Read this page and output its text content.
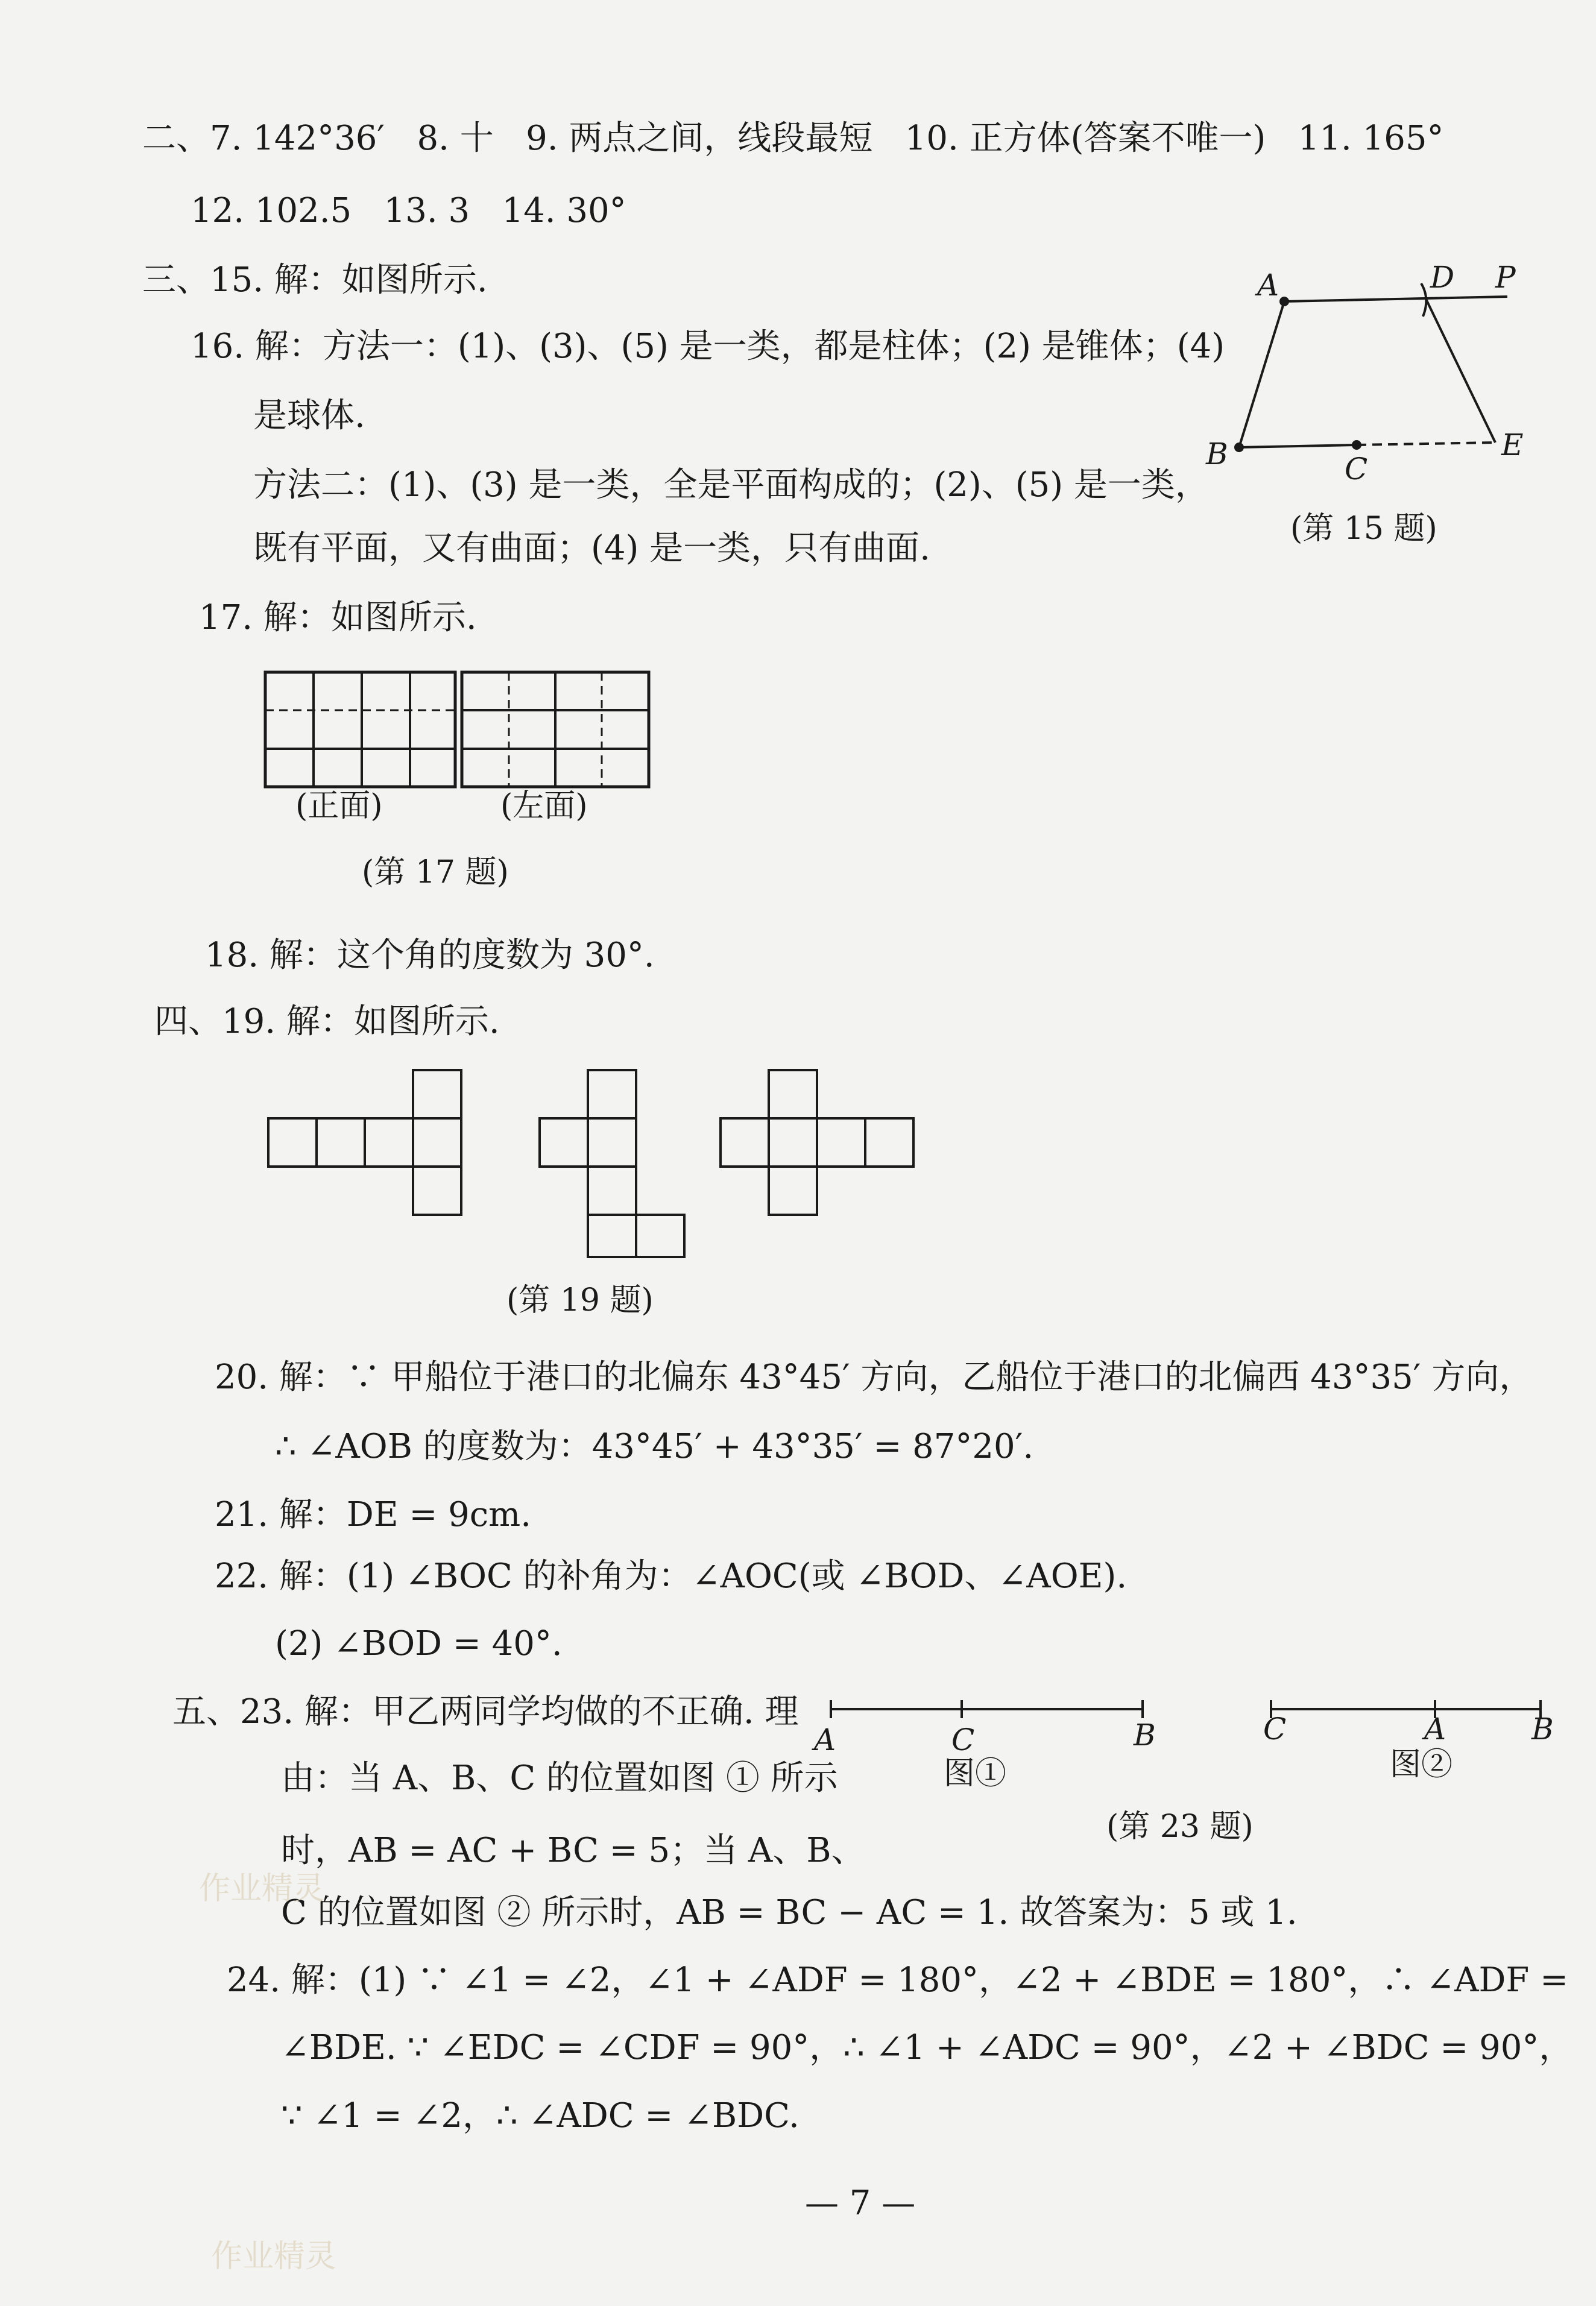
二、7. 142°36′   8. 十   9. 两点之间，线段最短   10. 正方体(答案不唯一)   11. 165°
12. 102.5   13. 3   14. 30°
三、15. 解：如图所示.
16. 解：方法一：(1)、(3)、(5) 是一类，都是柱体；(2) 是锥体；(4)
是球体.
方法二：(1)、(3) 是一类，全是平面构成的；(2)、(5) 是一类，
既有平面，又有曲面；(4) 是一类，只有曲面.
17. 解：如图所示.
18. 解：这个角的度数为 30°.
四、19. 解：如图所示.
20. 解：∵ 甲船位于港口的北偏东 43°45′ 方向，乙船位于港口的北偏西 43°35′ 方向，
∴ ∠AOB 的度数为：43°45′ + 43°35′ = 87°20′.
21. 解：DE = 9cm.
22. 解：(1) ∠BOC 的补角为：∠AOC(或 ∠BOD、∠AOE).
(2) ∠BOD = 40°.
五、23. 解：甲乙两同学均做的不正确. 理
由：当 A、B、C 的位置如图 ① 所示
时，AB = AC + BC = 5；当 A、B、
C 的位置如图 ② 所示时，AB = BC − AC = 1. 故答案为：5 或 1.
24. 解：(1) ∵ ∠1 = ∠2，∠1 + ∠ADF = 180°，∠2 + ∠BDE = 180°，∴ ∠ADF =
∠BDE. ∵ ∠EDC = ∠CDF = 90°，∴ ∠1 + ∠ADC = 90°，∠2 + ∠BDC = 90°，
∵ ∠1 = ∠2，∴ ∠ADC = ∠BDC.
A	D P
B	C
E
(第 15 题)
(正面)	(左面)
(第 17 题)
(第 19 题)
A	C	B
图①
C	A	B
图②
(第 23 题)
作业精灵
作业精灵
— 7 —
